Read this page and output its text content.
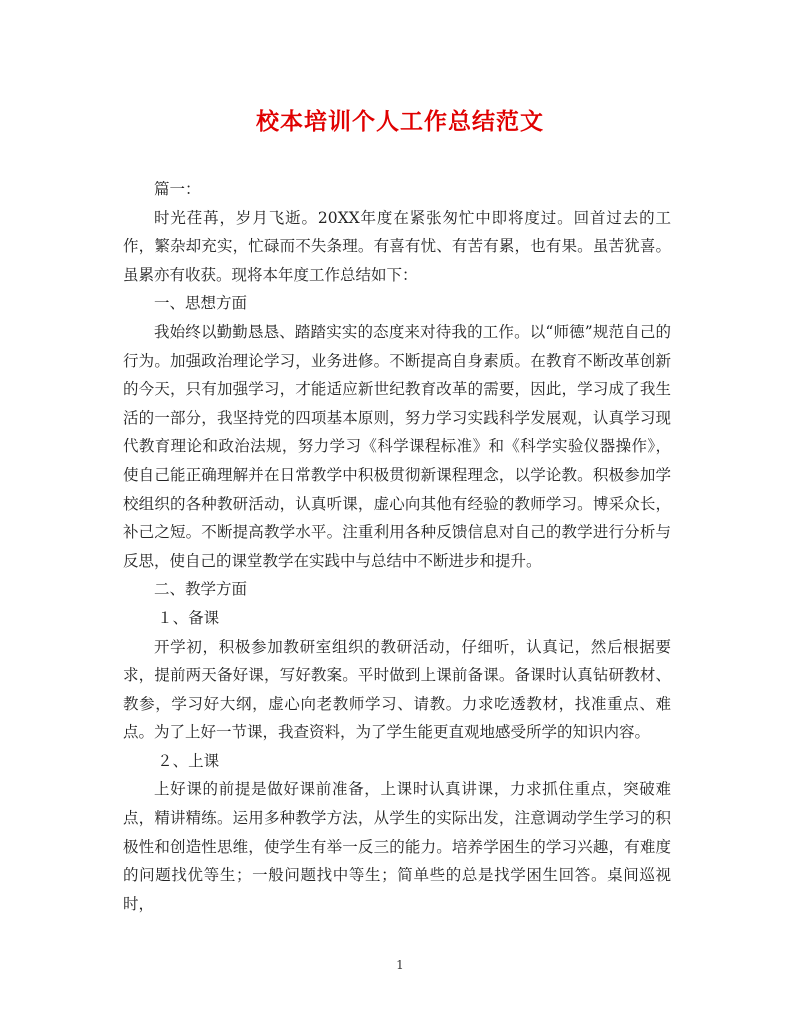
校本培训个人工作总结范文

篇一：

时光荏苒，岁月飞逝。20XX年度在紧张匆忙中即将度过。回首过去的工作，繁杂却充实，忙碌而不失条理。有喜有忧、有苦有累，也有果。虽苦犹喜。虽累亦有收获。现将本年度工作总结如下：

一、思想方面

我始终以勤勤恳恳、踏踏实实的态度来对待我的工作。以“师德”规范自己的行为。加强政治理论学习，业务进修。不断提高自身素质。在教育不断改革创新的今天，只有加强学习，才能适应新世纪教育改革的需要，因此，学习成了我生活的一部分，我坚持党的四项基本原则，努力学习实践科学发展观，认真学习现代教育理论和政治法规，努力学习《科学课程标准》和《科学实验仪器操作》，使自己能正确理解并在日常教学中积极贯彻新课程理念，以学论教。积极参加学校组织的各种教研活动，认真听课，虚心向其他有经验的教师学习。博采众长，补己之短。不断提高教学水平。注重利用各种反馈信息对自己的教学进行分析与反思，使自己的课堂教学在实践中与总结中不断进步和提升。

二、教学方面

１、备课

开学初，积极参加教研室组织的教研活动，仔细听，认真记，然后根据要求，提前两天备好课，写好教案。平时做到上课前备课。备课时认真钻研教材、教参，学习好大纲，虚心向老教师学习、请教。力求吃透教材，找准重点、难点。为了上好一节课，我查资料，为了学生能更直观地感受所学的知识内容。

２、上课

上好课的前提是做好课前准备，上课时认真讲课，力求抓住重点，突破难点，精讲精练。运用多种教学方法，从学生的实际出发，注意调动学生学习的积极性和创造性思维，使学生有举一反三的能力。培养学困生的学习兴趣，有难度的问题找优等生；一般问题找中等生；简单些的总是找学困生回答。桌间巡视时，

1
